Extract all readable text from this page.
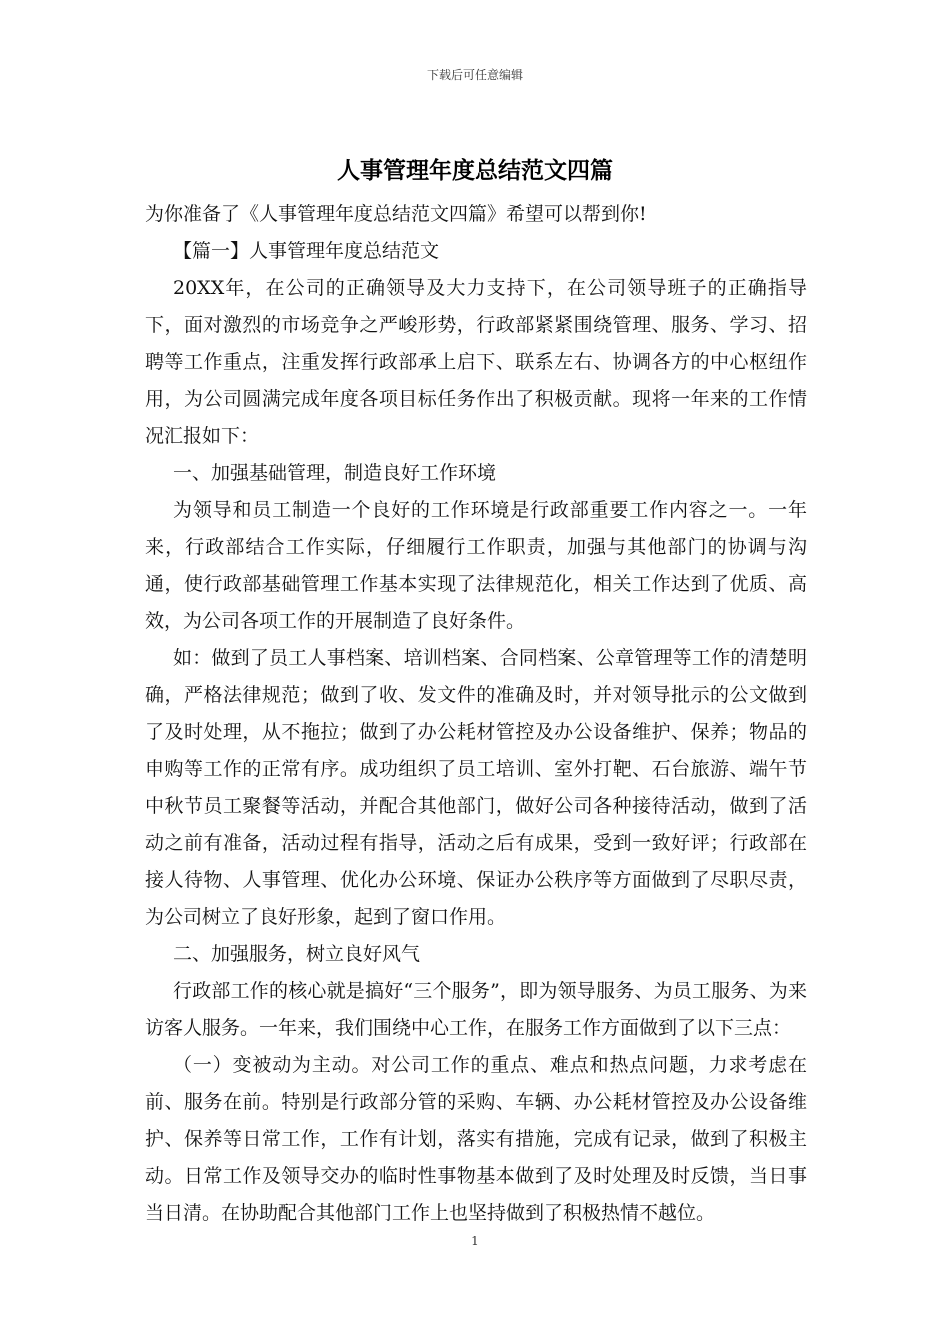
下载后可任意编辑
人事管理年度总结范文四篇

为你准备了《人事管理年度总结范文四篇》希望可以帮到你!

【篇一】人事管理年度总结范文

20XX年，在公司的正确领导及大力支持下，在公司领导班子的正确指导下，面对激烈的市场竞争之严峻形势，行政部紧紧围绕管理、服务、学习、招聘等工作重点，注重发挥行政部承上启下、联系左右、协调各方的中心枢纽作用，为公司圆满完成年度各项目标任务作出了积极贡献。现将一年来的工作情况汇报如下：

一、加强基础管理，制造良好工作环境

为领导和员工制造一个良好的工作环境是行政部重要工作内容之一。一年来，行政部结合工作实际，仔细履行工作职责，加强与其他部门的协调与沟通，使行政部基础管理工作基本实现了法律规范化，相关工作达到了优质、高效，为公司各项工作的开展制造了良好条件。

如：做到了员工人事档案、培训档案、合同档案、公章管理等工作的清楚明确，严格法律规范；做到了收、发文件的准确及时，并对领导批示的公文做到了及时处理，从不拖拉；做到了办公耗材管控及办公设备维护、保养；物品的申购等工作的正常有序。成功组织了员工培训、室外打靶、石台旅游、端午节中秋节员工聚餐等活动，并配合其他部门，做好公司各种接待活动，做到了活动之前有准备，活动过程有指导，活动之后有成果，受到一致好评；行政部在接人待物、人事管理、优化办公环境、保证办公秩序等方面做到了尽职尽责，为公司树立了良好形象，起到了窗口作用。

二、加强服务，树立良好风气

行政部工作的核心就是搞好“三个服务”，即为领导服务、为员工服务、为来访客人服务。一年来，我们围绕中心工作，在服务工作方面做到了以下三点：

（一）变被动为主动。对公司工作的重点、难点和热点问题，力求考虑在前、服务在前。特别是行政部分管的采购、车辆、办公耗材管控及办公设备维护、保养等日常工作，工作有计划，落实有措施，完成有记录，做到了积极主动。日常工作及领导交办的临时性事物基本做到了及时处理及时反馈，当日事当日清。在协助配合其他部门工作上也坚持做到了积极热情不越位。

1
